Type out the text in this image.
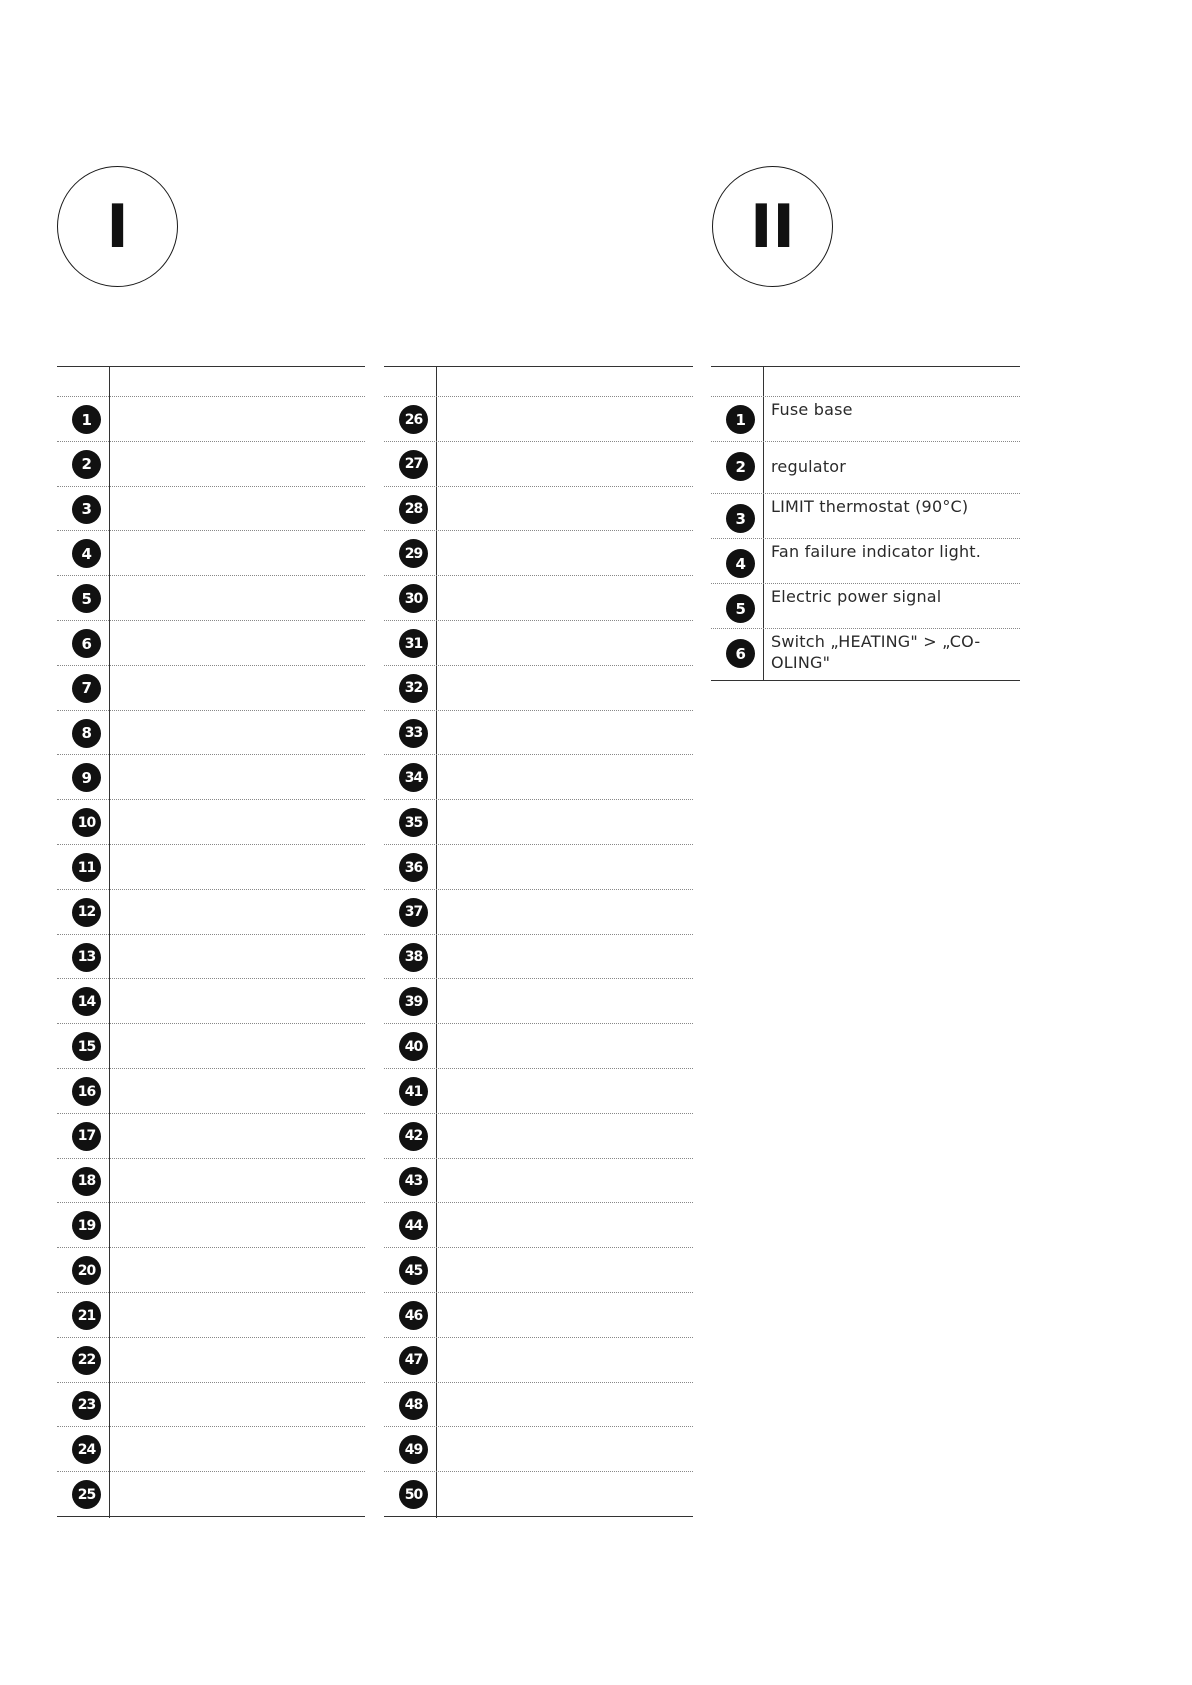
I	II
1
2
3
4
5
6
7
8
9
10
11
12
13
14
15
16
17
18
19
20
21
22
23
24
25
26
27
28
29
30
31
32
33
34
35
36
37
38
39
40
41
42
43
44
45
46
47
48
49
50
1
Fuse base
2
	regulator
3
LIMIT thermostat (90°C)
4
Fan failure indicator light.
5
Electric power signal
6
Switch „HEATING" > „CO-
OLING"
